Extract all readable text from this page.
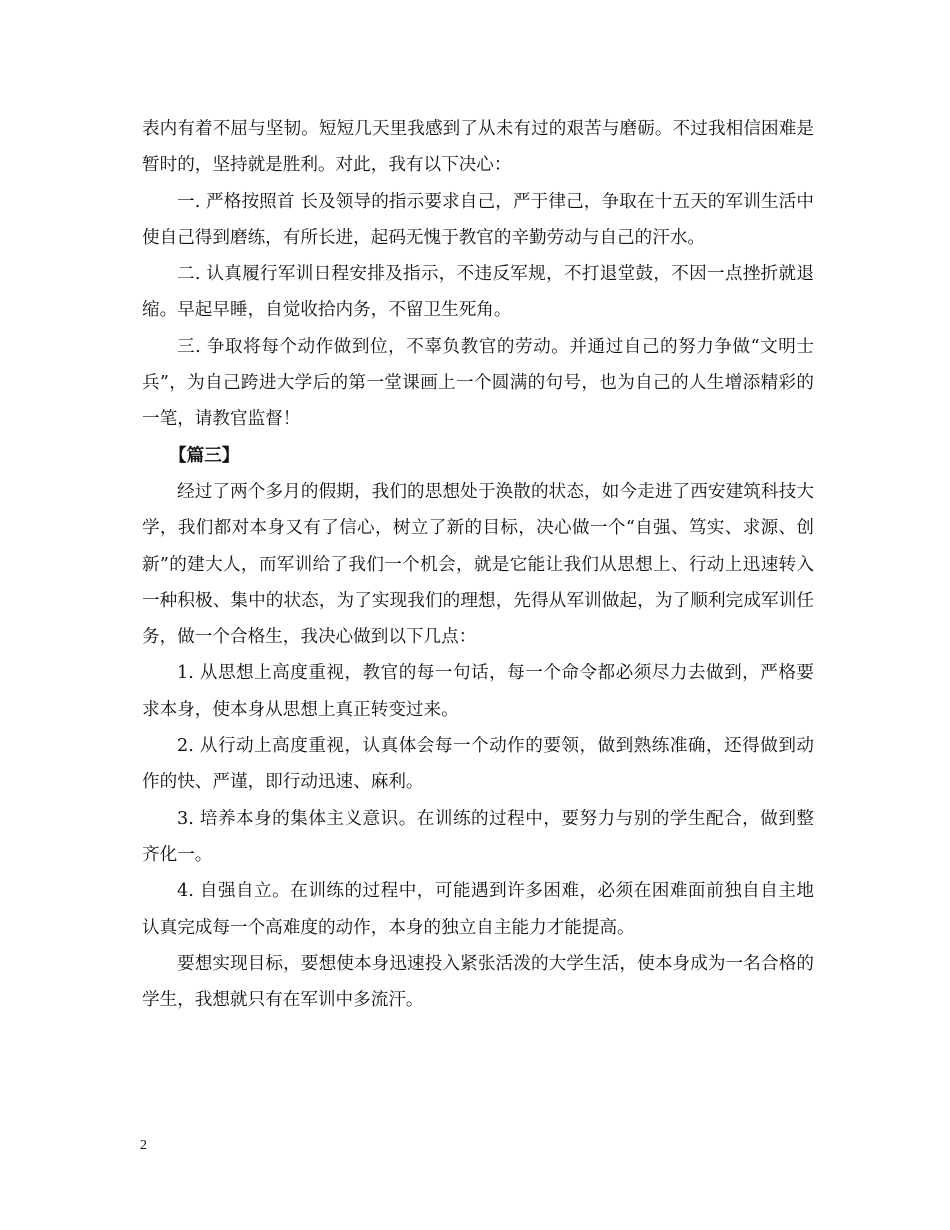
表内有着不屈与坚韧。短短几天里我感到了从未有过的艰苦与磨砺。不过我相信困难是暂时的，坚持就是胜利。对此，我有以下决心：

一. 严格按照首 长及领导的指示要求自己，严于律己，争取在十五天的军训生活中使自己得到磨练，有所长进，起码无愧于教官的辛勤劳动与自己的汗水。

二. 认真履行军训日程安排及指示，不违反军规，不打退堂鼓，不因一点挫折就退缩。早起早睡，自觉收拾内务，不留卫生死角。

三. 争取将每个动作做到位，不辜负教官的劳动。并通过自己的努力争做“文明士兵”，为自己跨进大学后的第一堂课画上一个圆满的句号，也为自己的人生增添精彩的一笔，请教官监督！

【篇三】

经过了两个多月的假期，我们的思想处于涣散的状态，如今走进了西安建筑科技大学，我们都对本身又有了信心，树立了新的目标，决心做一个“自强、笃实、求源、创新”的建大人，而军训给了我们一个机会，就是它能让我们从思想上、行动上迅速转入一种积极、集中的状态，为了实现我们的理想，先得从军训做起，为了顺利完成军训任务，做一个合格生，我决心做到以下几点：

1. 从思想上高度重视，教官的每一句话，每一个命令都必须尽力去做到，严格要求本身，使本身从思想上真正转变过来。

2. 从行动上高度重视，认真体会每一个动作的要领，做到熟练准确，还得做到动作的快、严谨，即行动迅速、麻利。

3. 培养本身的集体主义意识。在训练的过程中，要努力与别的学生配合，做到整齐化一。

4. 自强自立。在训练的过程中，可能遇到许多困难，必须在困难面前独自自主地认真完成每一个高难度的动作，本身的独立自主能力才能提高。

要想实现目标，要想使本身迅速投入紧张活泼的大学生活，使本身成为一名合格的学生，我想就只有在军训中多流汗。

2
